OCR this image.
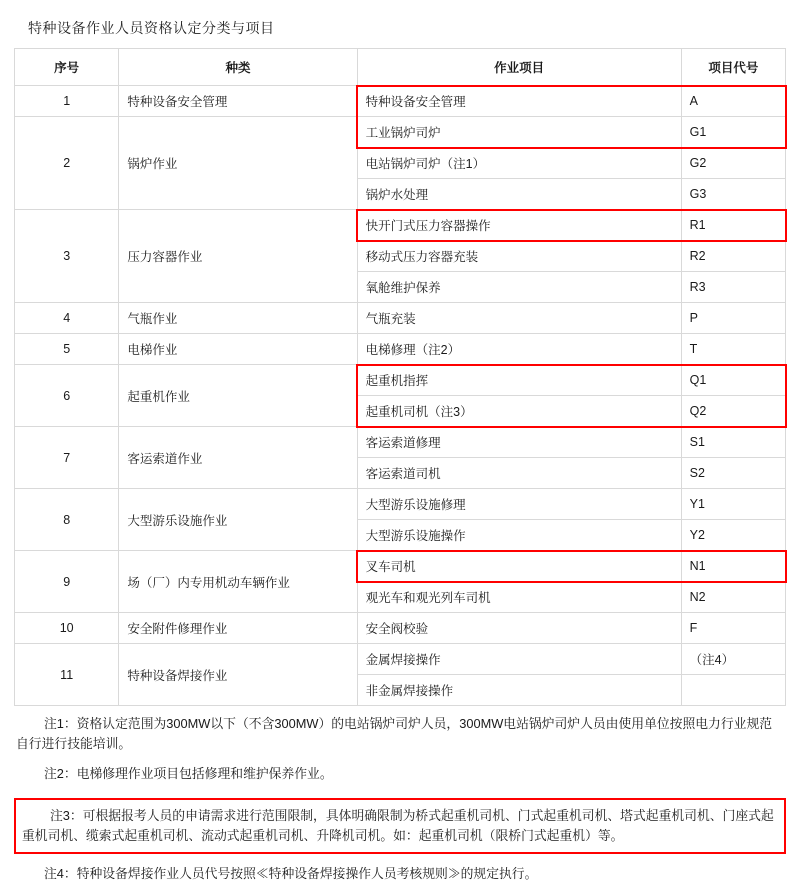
特种设备作业人员资格认定分类与项目
序号	种类	作业项目	项目代号
1	特种设备安全管理	特种设备安全管理	A
2	锅炉作业	工业锅炉司炉	G1
		电站锅炉司炉（注1）	G2
		锅炉水处理	G3
3	压力容器作业	快开门式压力容器操作	R1
		移动式压力容器充装	R2
		氧舱维护保养	R3
4	气瓶作业	气瓶充装	P
5	电梯作业	电梯修理（注2）	T
6	起重机作业	起重机指挥	Q1
		起重机司机（注3）	Q2
7	客运索道作业	客运索道修理	S1
		客运索道司机	S2
8	大型游乐设施作业	大型游乐设施修理	Y1
		大型游乐设施操作	Y2
9	场（厂）内专用机动车辆作业	叉车司机	N1
		观光车和观光列车司机	N2
10	安全附件修理作业	安全阀校验	F
11	特种设备焊接作业	金属焊接操作	（注4）
		非金属焊接操作	
注1：资格认定范围为300MW以下（不含300MW）的电站锅炉司炉人员，300MW电站锅炉司炉人员由使用单位按照电力行业规范自行进行技能培训。
注2：电梯修理作业项目包括修理和维护保养作业。
注3：可根据报考人员的申请需求进行范围限制，具体明确限制为桥式起重机司机、门式起重机司机、塔式起重机司机、门座式起重机司机、缆索式起重机司机、流动式起重机司机、升降机司机。如：起重机司机（限桥门式起重机）等。
注4：特种设备焊接作业人员代号按照≪特种设备焊接操作人员考核规则≫的规定执行。
